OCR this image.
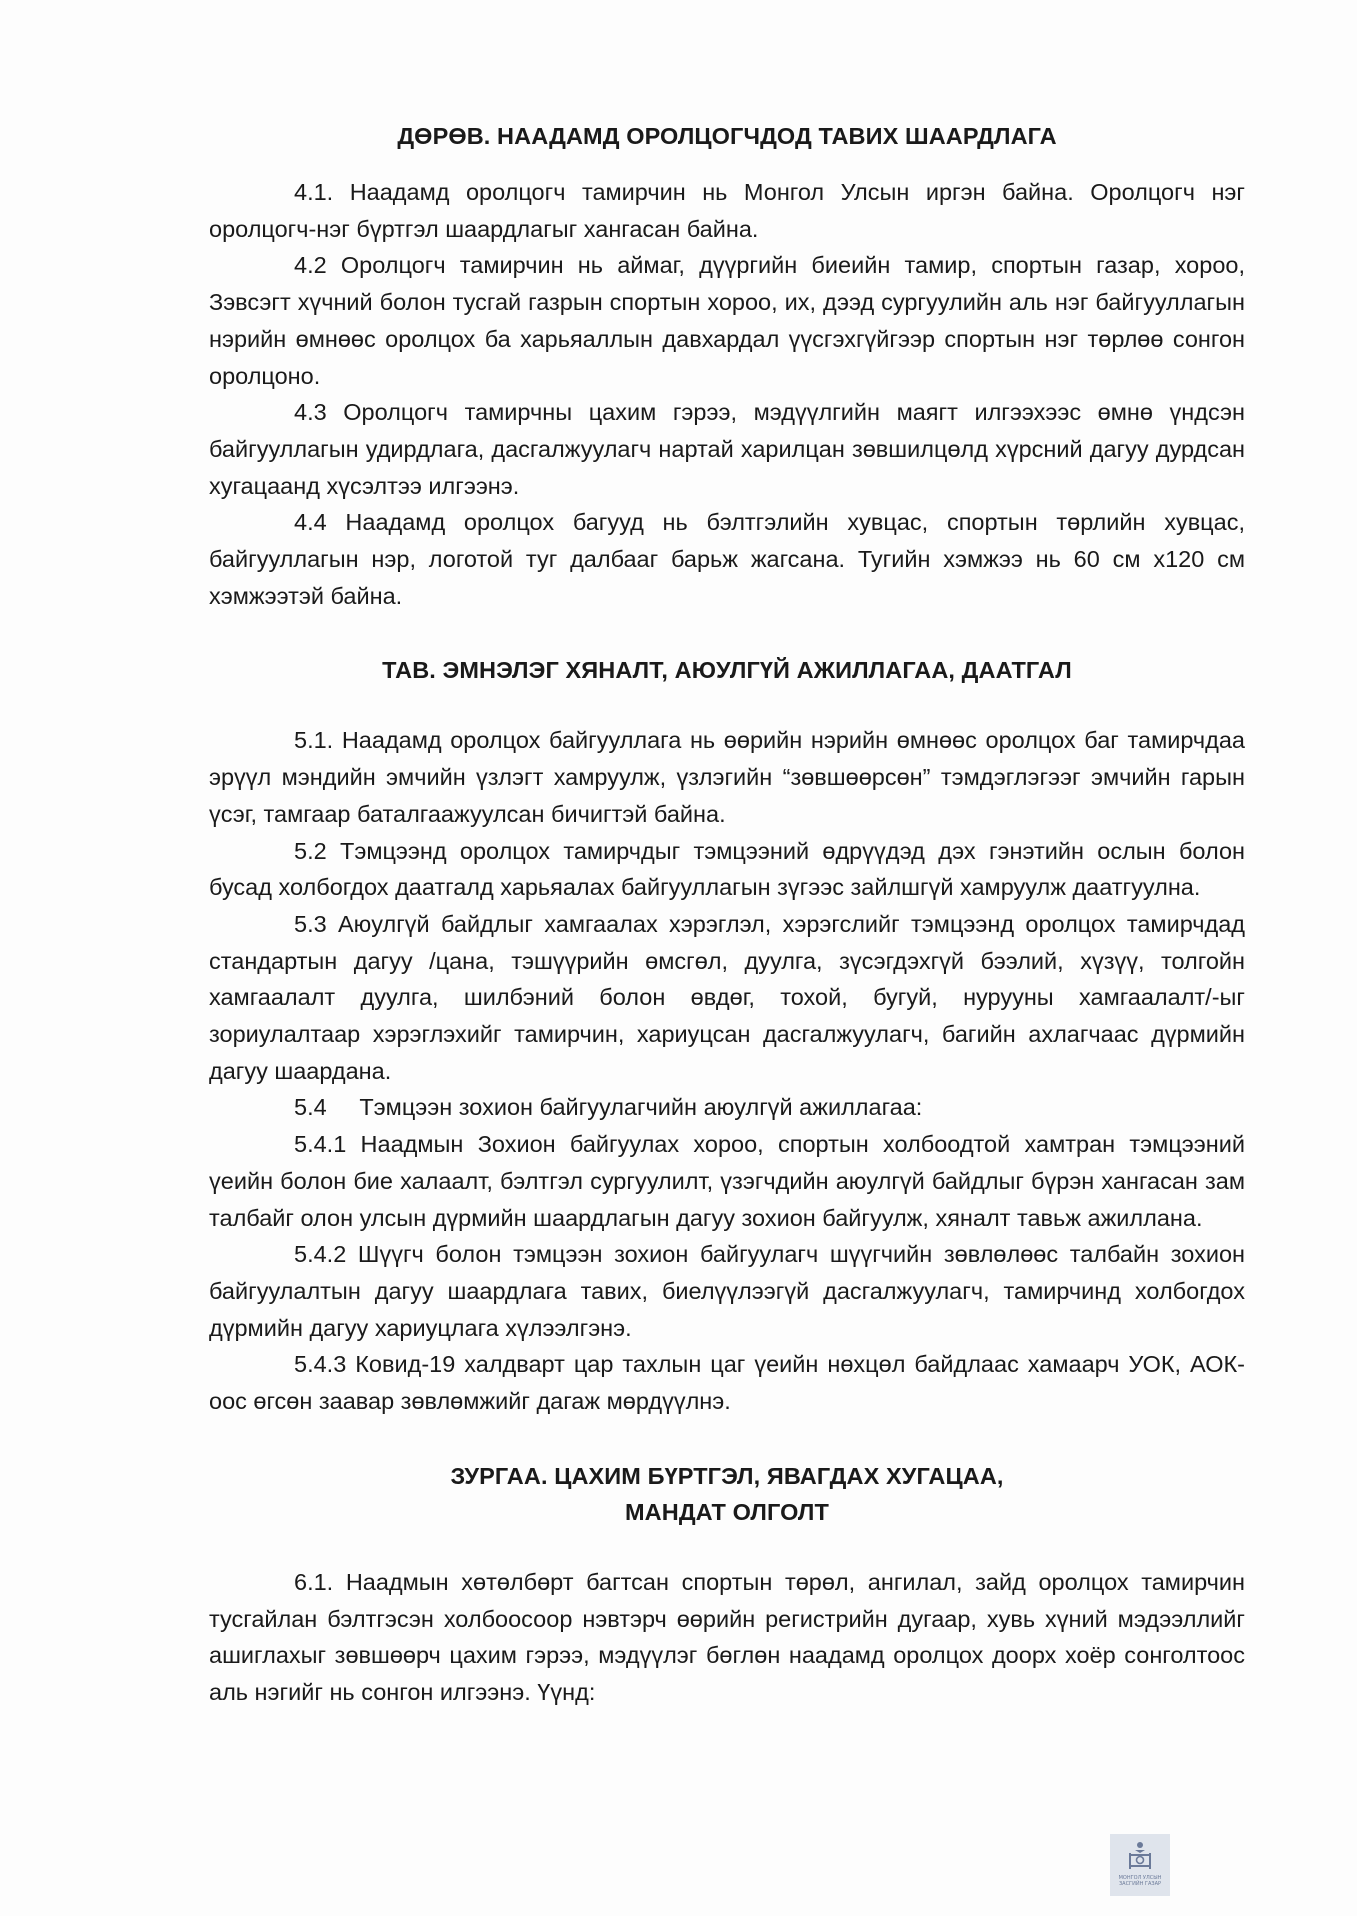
ДӨРӨВ. НААДАМД ОРОЛЦОГЧДОД ТАВИХ ШААРДЛАГА

4.1. Наадамд оролцогч тамирчин нь Монгол Улсын иргэн байна. Оролцогч нэг оролцогч-нэг бүртгэл шаардлагыг хангасан байна.

4.2 Оролцогч тамирчин нь аймаг, дүүргийн биеийн тамир, спортын газар, хороо, Зэвсэгт хүчний болон тусгай газрын спортын хороо, их, дээд сургуулийн аль нэг байгууллагын нэрийн өмнөөс оролцох ба харьяаллын давхардал үүсгэхгүйгээр спортын нэг төрлөө сонгон оролцоно.

4.3 Оролцогч тамирчны цахим гэрээ, мэдүүлгийн маягт илгээхээс өмнө үндсэн байгууллагын удирдлага, дасгалжуулагч нартай харилцан зөвшилцөлд хүрсний дагуу дурдсан хугацаанд хүсэлтээ илгээнэ.

4.4 Наадамд оролцох багууд нь бэлтгэлийн хувцас, спортын төрлийн хувцас, байгууллагын нэр, логотой туг далбааг барьж жагсана. Тугийн хэмжээ нь 60 см x120 см хэмжээтэй байна.

ТАВ. ЭМНЭЛЭГ ХЯНАЛТ, АЮУЛГҮЙ АЖИЛЛАГАА, ДААТГАЛ

5.1. Наадамд оролцох байгууллага нь өөрийн нэрийн өмнөөс оролцох баг тамирчдаа эрүүл мэндийн эмчийн үзлэгт хамруулж, үзлэгийн “зөвшөөрсөн” тэмдэглэгээг эмчийн гарын үсэг, тамгаар баталгаажуулсан бичигтэй байна.

5.2 Тэмцээнд оролцох тамирчдыг тэмцээний өдрүүдэд дэх гэнэтийн ослын болон бусад холбогдох даатгалд харьяалах байгууллагын зүгээс зайлшгүй хамруулж даатгуулна.

5.3 Аюулгүй байдлыг хамгаалах хэрэглэл, хэрэгслийг тэмцээнд оролцох тамирчдад стандартын дагуу /цана, тэшүүрийн өмсгөл, дуулга, зүсэгдэхгүй бээлий, хүзүү, толгойн хамгаалалт дуулга, шилбэний болон өвдөг, тохой, бугуй, нурууны хамгаалалт/-ыг зориулалтаар хэрэглэхийг тамирчин, хариуцсан дасгалжуулагч, багийн ахлагчаас дүрмийн дагуу шаардана.

5.4     Тэмцээн зохион байгуулагчийн аюулгүй ажиллагаа:

5.4.1 Наадмын Зохион байгуулах хороо, спортын холбоодтой хамтран тэмцээний үеийн болон бие халаалт, бэлтгэл сургуулилт, үзэгчдийн аюулгүй байдлыг бүрэн хангасан зам талбайг олон улсын дүрмийн шаардлагын дагуу зохион байгуулж, хяналт тавьж ажиллана.

5.4.2 Шүүгч болон тэмцээн зохион байгуулагч шүүгчийн зөвлөлөөс талбайн зохион байгуулалтын дагуу шаардлага тавих, биелүүлээгүй дасгалжуулагч, тамирчинд холбогдох дүрмийн дагуу хариуцлага хүлээлгэнэ.

5.4.3 Ковид-19 халдварт цар тахлын цаг үеийн нөхцөл байдлаас хамаарч УОК, АОК-оос өгсөн заавар зөвлөмжийг дагаж мөрдүүлнэ.

ЗУРГАА. ЦАХИМ БҮРТГЭЛ, ЯВАГДАХ ХУГАЦАА,
МАНДАТ ОЛГОЛТ

6.1. Наадмын хөтөлбөрт багтсан спортын төрөл, ангилал, зайд оролцох тамирчин тусгайлан бэлтгэсэн холбоосоор нэвтэрч өөрийн регистрийн дугаар, хувь хүний мэдээллийг ашиглахыг зөвшөөрч цахим гэрээ, мэдүүлэг бөглөн наадамд оролцох доорх хоёр сонголтоос аль нэгийг нь сонгон илгээнэ. Үүнд:

МОНГОЛ УЛСЫН
ЗАСГИЙН ГАЗАР
